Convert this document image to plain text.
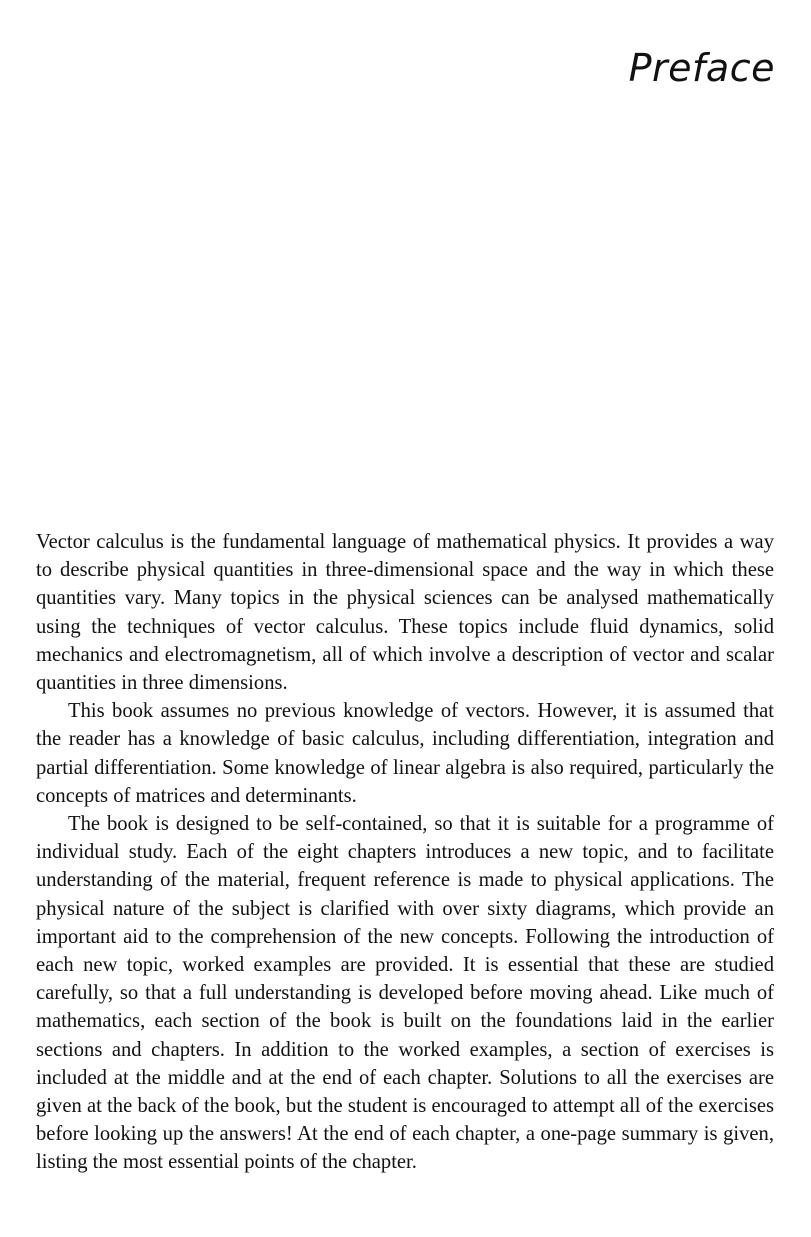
Preface

Vector calculus is the fundamental language of mathematical physics. It provides a way to describe physical quantities in three-dimensional space and the way in which these quantities vary. Many topics in the physical sciences can be analysed mathematically using the techniques of vector calculus. These topics include fluid dynamics, solid mechanics and electromagnetism, all of which involve a description of vector and scalar quantities in three dimensions.

This book assumes no previous knowledge of vectors. However, it is assumed that the reader has a knowledge of basic calculus, including differentiation, integration and partial differentiation. Some knowledge of linear algebra is also required, particularly the concepts of matrices and determinants.

The book is designed to be self-contained, so that it is suitable for a programme of individual study. Each of the eight chapters introduces a new topic, and to facilitate understanding of the material, frequent reference is made to physical applications. The physical nature of the subject is clarified with over sixty diagrams, which provide an important aid to the comprehension of the new concepts. Following the introduction of each new topic, worked examples are provided. It is essential that these are studied carefully, so that a full understanding is developed before moving ahead. Like much of mathematics, each section of the book is built on the foundations laid in the earlier sections and chapters. In addition to the worked examples, a section of exercises is included at the middle and at the end of each chapter. Solutions to all the exercises are given at the back of the book, but the student is encouraged to attempt all of the exercises before looking up the answers! At the end of each chapter, a one-page summary is given, listing the most essential points of the chapter.
